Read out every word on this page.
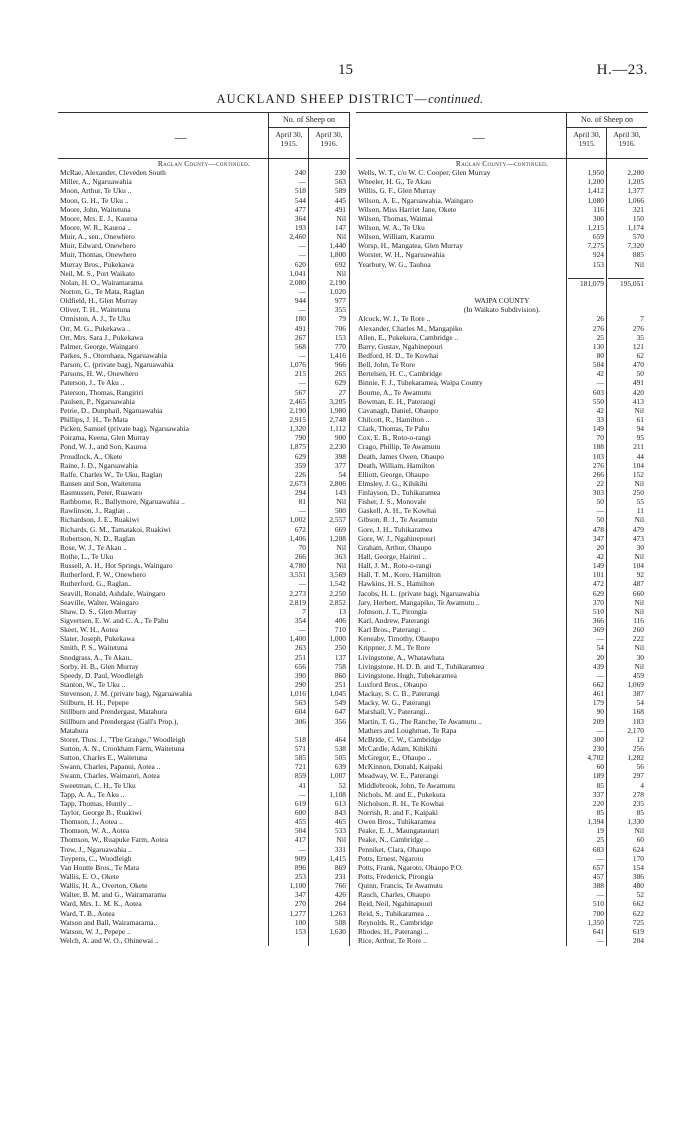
15	H.—23.
AUCKLAND SHEEP DISTRICT—continued.
—
No. of Sheep on
April 30, 1915.
April 30, 1916.
Raglan County—continued.
McRae, Alexander, Cleveden South	240	230
Miller, A., Ngaruawahia	—	563
Moon, Arthur, Te Uku ..	518	589
Moon, G. H., Te Uku ..	544	445
Moore, John, Waitetuna	477	491
Moore, Mrs. E. J., Kauroa	364	Nil
Moore, W. R., Kauroa ..	193	147
Muir, A., sen., Onewhero	2,460	Nil
Muir, Edward, Onewhero	—	1,440
Muir, Thomas, Onewhero	—	1,800
Murray Bros., Pukekawa	620	692
Neil, M. S., Port Waikato	1,041	Nil
Nolan, H. O., Wairamarama	2,080	2,190
Norton, G., Te Mata, Raglan	—	1,020
Oldfield, H., Glen Murray	944	977
Oliver, T. H., Waitetuna	—	355
Ormiston, A. J., Te Uku	180	79
Orr, M. G., Pukekawa ..	491	706
Orr, Mrs. Sara J., Pukekawa	267	153
Palmer, George, Waingaro	568	770
Parkes, S., Otorohaea, Ngaruawahia	—	1,416
Parson, C. (private bag), Ngaruawahia	1,076	966
Parsons, H. W., Onewhero	215	265
Paterson, J., Te Aku ..	—	629
Paterson, Thomas, Rangiriri	567	27
Paulsen, P., Ngaruawahia	2,465	3,205
Petrie, D., Dunphail, Ngaruawahia	2,190	1,980
Phillips, J. H., Te Mata	2,915	2,748
Picken, Samuel (private bag), Ngaruawahia	1,320	1,112
Poirama, Keena, Glen Murray	790	900
Pond, W. J., and Son, Kauroa	1,875	2,230
Proudlock, A., Okete	629	398
Raine, J. D., Ngaruawahia	359	377
Ralfe, Charles W., Te Uku, Raglan	226	54
Ransen and Son, Waitetuna	2,673	2,806
Rasmussen, Peter, Ruawaro	294	143
Rathborne, R., Ballymore, Ngaruawahia ..	81	Nil
Rawlinson, J., Raglan ..	—	500
Richardson, J. E., Ruakiwi	1,002	2,557
Richards, G. M., Tamatakoi, Ruakiwi	672	669
Robertson, N. D., Raglan	1,406	1,208
Rose, W. J., Te Akau ..	70	Nil
Rothe, L., Te Uku	266	363
Russell, A. H., Hot Springs, Waingaro	4,780	Nil
Rutherford, F. W., Onewhero	3,551	3,569
Rutherford, G., Raglan..	—	1,542
Seavill, Ronald, Ashdale, Waingaro	2,273	2,250
Seaville, Walter, Waingaro	2,819	2,852
Shaw, D. S., Glen Murray	7	13
Sigvertsen, E. W. and C. A., Te Pahu	354	406
Skeet, W. H., Aotea	—	710
Slater, Joseph, Pukekawa	1,400	1,000
Smith, P. S., Waitetuna	263	250
Snodgrass, A., Te Akau..	251	137
Sorby, H. B., Glen Murray	656	758
Speedy, D. Paul, Woodleigh	390	860
Stanton, W., Te Uku ..	290	251
Stevenson, J. M. (private bag), Ngaruawahia	1,016	1,045
Stilburn, H. H., Pepepe	563	549
Stillburn and Prendergast, Matahura	604	647
Stillburn and Prendergast (Gall's Prop.),	306	356
Matahura
Storer, Thos. J., "The Grange," Woodleigh	518	464
Sutton, A. N., Crookham Farm, Waitetuna	571	538
Sutton, Charles E., Waitetuna	585	505
Swann, Charles, Papanui, Aotea ..	721	639
Swann, Charles, Waimaori, Aotea	859	1,007
Sweetman, C. H., Te Uku	41	52
Tapp, A. A., Te Aku ..	—	1,108
Tapp, Thomas, Huntly ..	619	613
Taylor, George B., Ruakiwi	600	843
Thomson, J., Aotea ..	455	465
Thomson, W. A., Aotea	504	533
Thomson, W., Ruapuke Farm, Aotea	417	Nil
Trew, J., Ngaruawahia ..	—	331
Tuypens, C., Woodleigh	909	1,415
Van Houtte Bros., Te Mata	896	869
Wallis, E. O., Okete	253	231
Wallis, H. A., Overton, Okete	1,100	766
Walter, B. M. and G., Wairamarama	347	426
Ward, Mrs. L. M. K., Aotea	270	264
Ward, T. B., Aotea	1,277	1,263
Watson and Ball, Wairamarama..	100	508
Watson, W. J., Pepepe ..	153	1,630
Welch, A. and W. O., Ohinewai ..
—
No. of Sheep on
April 30, 1915.
April 30, 1916.
Raglan County—continued.
Wells, W. T., c/o W. C. Cooper, Glen Murray	1,950	2,200
Wheeler, H. G., Te Akau	1,200	1,205
Willis, G. F., Glen Murray	1,412	1,377
Wilson, A. E., Ngaruawahia, Waingaro	1,080	1,066
Wilson, Miss Harriet Jane, Okete	116	321
Wilson, Thomas, Waimai	300	150
Wilson, W. A., Te Uku	1,215	1,174
Wilson, William, Karamu	659	570
Worsp, H., Mangatea, Glen Murray	7,275	7,320
Worster, W. H., Ngaruawahia	924	885
Yearbury, W. G., Tauhoa	153	Nil
181,079	195,051
WAIPA COUNTY
(In Waikato Subdivision).
Alcock, W. J., Te Rore ..	26	7
Alexander, Charles M., Mangapiko	276	276
Allen, E., Pukekura, Cambridge ..	25	35
Barry, Gustav, Ngahinepouri	130	121
Bedford, H. D., Te Kowhai	80	62
Bell, John, Te Rore	504	470
Bertelsen, H. C., Cambridge	42	50
Binnie, F. J., Tuhekaramea, Waipa County	—	491
Bourne, A., Te Awamutu	603	420
Bowman, E. H., Paterangi	550	413
Cavanagh, Daniel, Ohaupo	42	Nil
Chilcott, R., Hamilton ..	33	61
Clark, Thomas, Te Pahu	149	94
Cox, E. B., Roto-o-rangi	70	95
Crago, Phillip, Te Awamutu	188	211
Death, James Owen, Ohaupo	103	44
Death, William, Hamilton	276	104
Elliott, George, Ohaupo	266	152
Elmsley, J. G., Kihikihi	22	Nil
Finlayson, D., Tuhikaramea	303	250
Fisher, J. S., Monovale	50	55
Gaskell, A. H., Te Kowhai	—	11
Gibson, R. J., Te Awamutu	50	Nil
Gore, J. H., Tuhikaramea	478	479
Gore, W. J., Ngahinepouri	347	473
Graham, Arthur, Ohaupo	20	30
Hall, George, Hairini ..	42	Nil
Hall, J. M., Roto-o-rangi	149	104
Hall, T. M., Koro, Hamilton	101	92
Hawkins, H. S., Hamilton	472	487
Jacobs, H. L. (private bag), Ngaruawahia	629	660
Jary, Herbert, Mangapiko, Te Awamutu ..	370	Nil
Johnson, J. T., Pirongia	510	Nil
Karl, Andrew, Paterangi	366	116
Karl Bros., Paterangi ..	369	260
Keneaby, Timothy, Ohaupo	—	222
Krippner, J. M., Te Rore	54	Nil
Livingstone, A., Whatawhata	20	30
Livingstone, H. D. B. and T., Tuhikaramea	439	Nil
Livingstone, Hugh, Tuhekaramea	—	459
Luxford Bros., Ohaupo	662	1,069
Mackay, S. C. B., Paterangi	461	387
Macky, W. G., Paterangi	179	54
Marshall, V., Paterangi..	90	168
Martin, T. G., The Ranche, Te Awamutu ..	209	183
Mathers and Loughman, Te Rapa	—	2,170
McBride, C. W., Cambridge	300	12
McCardle, Adam, Kihikihi	230	256
McGregor, E., Ohaupo ..	4,702	1,282
McKinnon, Donald, Kaipaki	60	56
Meadway, W. E., Paterangi	189	297
Middlebrook, John, Te Awamutu	85	4
Nichols, M. and E., Pukekura	337	278
Nicholson, R. H., Te Kowhai	220	235
Norrish, R. and F., Kaipaki	85	85
Owen Bros., Tuhikaramea	1,394	1,330
Peake, E. J., Maungatautari	19	Nil
Peake, N., Cambridge ..	25	60
Penniket, Clara, Ohaupo	683	624
Potts, Ernest, Ngaroto	—	170
Potts, Frank, Ngaroto, Ohaupo P.O.	657	154
Potts, Frederick, Pirongia	457	386
Quinn, Francis, Te Awamutu	388	480
Rauch, Charles, Ohaupo	—	52
Reid, Neil, Ngahinapouri	510	662
Reid, S., Tuhikaramea ..	700	622
Reynolds, R., Cambridge	1,350	725
Rhodes, H., Paterangi ..	641	619
Rice, Arthur, Te Rore ..	—	204
